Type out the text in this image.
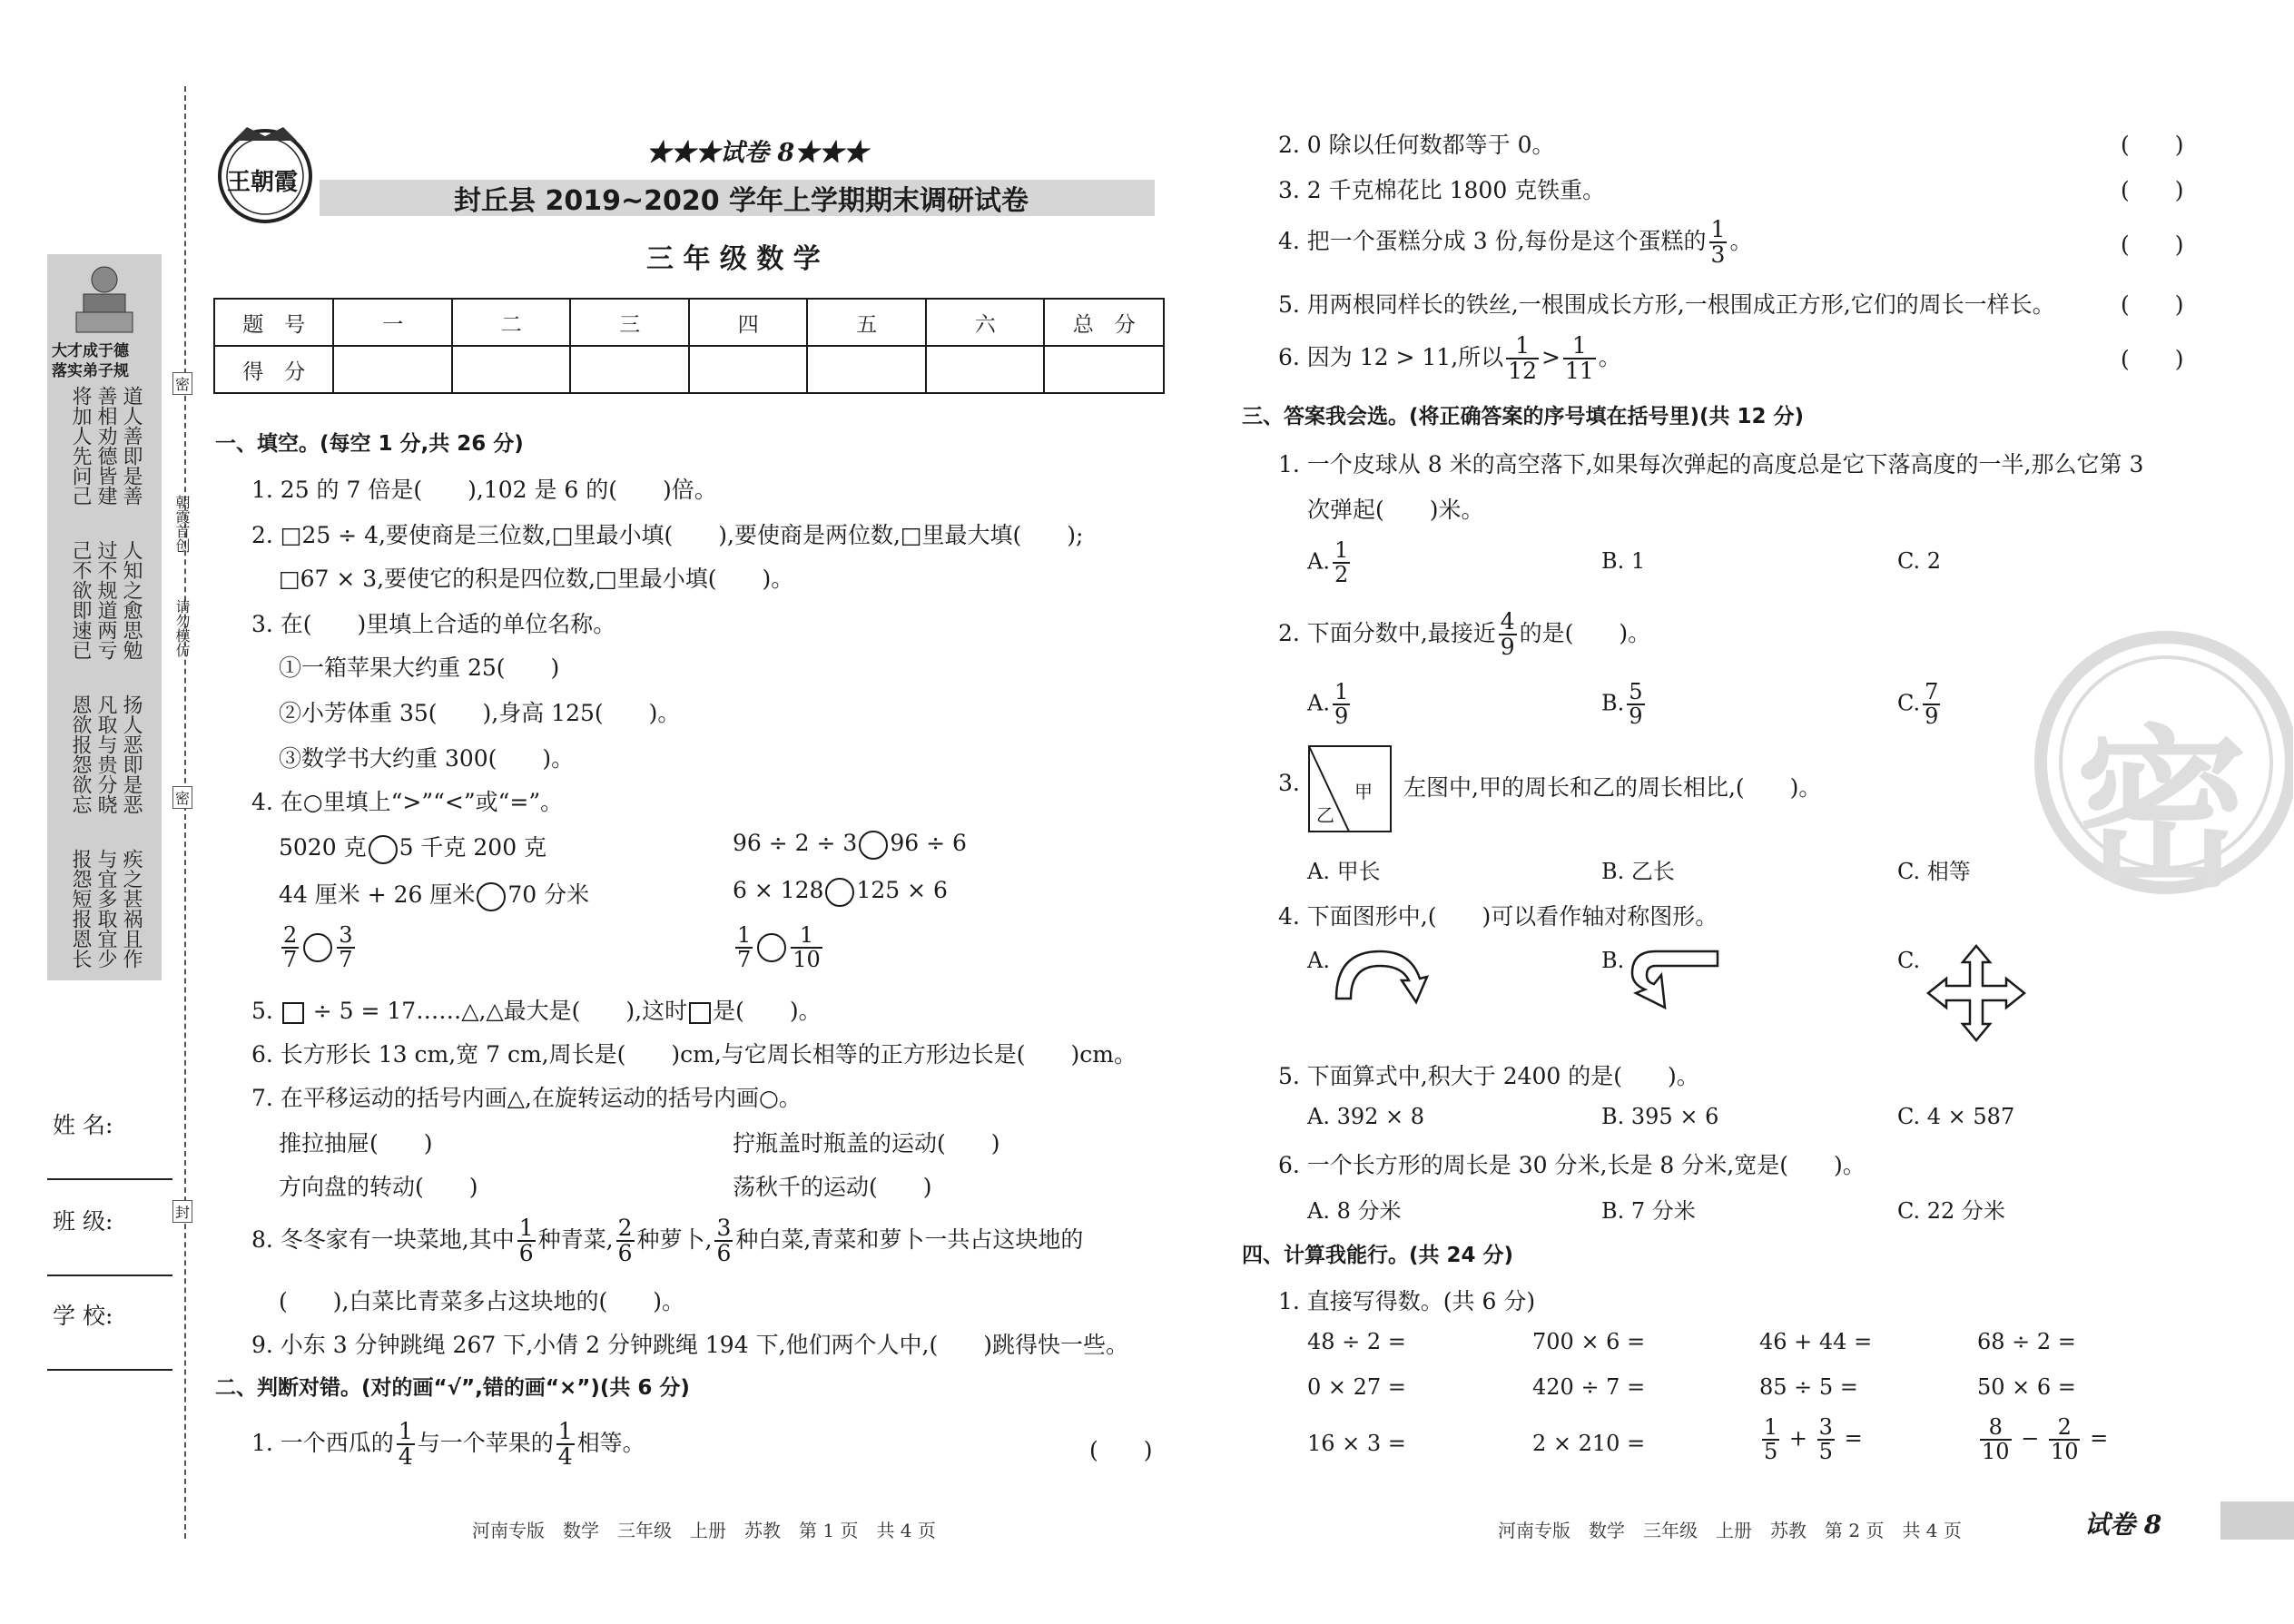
大才成于德
落实弟子规
道人善即是善
善相劝德皆建
将加人先问己
人知之愈思勉
过不规道两亏
己不欲即速已
扬人恶即是恶
凡取与贵分晓
恩欲报怨欲忘
疾之甚祸且作
与宜多取宜少
报怨短报恩长
朝霞首创
请勿模仿
密
密
封
姓 名:
班 级:
学 校:
王朝霞
★★★试卷 8★★★
封丘县 2019~2020 学年上学期期末调研试卷
三 年 级 数 学
题　号	一	二	三	四	五	六	总　分
得　分							
一、填空。(每空 1 分,共 26 分)
1. 25 的 7 倍是(　　),102 是 6 的(　　)倍。
2. □25 ÷ 4,要使商是三位数,□里最小填(　　),要使商是两位数,□里最大填(　　);
□67 × 3,要使它的积是四位数,□里最小填(　　)。
3. 在(　　)里填上合适的单位名称。
①一箱苹果大约重 25(　　)
②小芳体重 35(　　),身高 125(　　)。
③数学书大约重 300(　　)。
4. 在○里填上“>”“<”或“=”。
5020 克 5 千克 200 克	96 ÷ 2 ÷ 3 96 ÷ 6
44 厘米 + 26 厘米 70 分米	6 × 128 125 × 6
$\frac{2}{7} \frac{3}{7}$	$\frac{1}{7} \frac{1}{10}$
5. ÷ 5 = 17……△,△最大是(　　),这时 是(　　)。
6. 长方形长 13 cm,宽 7 cm,周长是(　　)cm,与它周长相等的正方形边长是(　　)cm。
7. 在平移运动的括号内画△,在旋转运动的括号内画○。
推拉抽屉(　　)	拧瓶盖时瓶盖的运动(　　)
方向盘的转动(　　)	荡秋千的运动(　　)
8. 冬冬家有一块菜地,其中 $\frac{1}{6}$ 种青菜, $\frac{2}{6}$ 种萝卜, $\frac{3}{6}$ 种白菜,青菜和萝卜一共占这块地的
(　　),白菜比青菜多占这块地的(　　)。
9. 小东 3 分钟跳绳 267 下,小倩 2 分钟跳绳 194 下,他们两个人中,(　　)跳得快一些。
二、判断对错。(对的画“√”,错的画“×”)(共 6 分)
1. 一个西瓜的 $\frac{1}{4}$ 与一个苹果的 $\frac{1}{4}$ 相等。	(　　)
2. 0 除以任何数都等于 0。	(　　)
3. 2 千克棉花比 1800 克铁重。	(　　)
4. 把一个蛋糕分成 3 份,每份是这个蛋糕的 $\frac{1}{3}$ 。	(　　)
5. 用两根同样长的铁丝,一根围成长方形,一根围成正方形,它们的周长一样长。	(　　)
6. 因为 12 > 11,所以 $\frac{1}{12} > \frac{1}{11}$ 。	(　　)
三、答案我会选。(将正确答案的序号填在括号里)(共 12 分)
1. 一个皮球从 8 米的高空落下,如果每次弹起的高度总是它下落高度的一半,那么它第 3
次弹起(　　)米。
A. $\frac{1}{2}$	B. 1	C. 2
2. 下面分数中,最接近 $\frac{4}{9}$ 的是(　　)。
A. $\frac{1}{9}$	B. $\frac{5}{9}$	C. $\frac{7}{9}$
3.	甲
乙
左图中,甲的周长和乙的周长相比,(　　)。
A. 甲长	B. 乙长	C. 相等
4. 下面图形中,(　　)可以看作轴对称图形。
A.	B.	C.
5. 下面算式中,积大于 2400 的是(　　)。
A. 392 × 8	B. 395 × 6	C. 4 × 587
6. 一个长方形的周长是 30 分米,长是 8 分米,宽是(　　)。
A. 8 分米	B. 7 分米	C. 22 分米
四、计算我能行。(共 24 分)
1. 直接写得数。(共 6 分)
48 ÷ 2 =	700 × 6 =	46 + 44 =	68 ÷ 2 =
0 × 27 =	420 ÷ 7 =	85 ÷ 5 =	50 × 6 =
16 × 3 =	2 × 210 =	$\frac{1}{5} + \frac{3}{5}$ =	$\frac{8}{10} - \frac{2}{10}$ =
密
河南专版　数学　三年级　上册　苏教　第 1 页　共 4 页	河南专版　数学　三年级　上册　苏教　第 2 页　共 4 页	试卷 8
